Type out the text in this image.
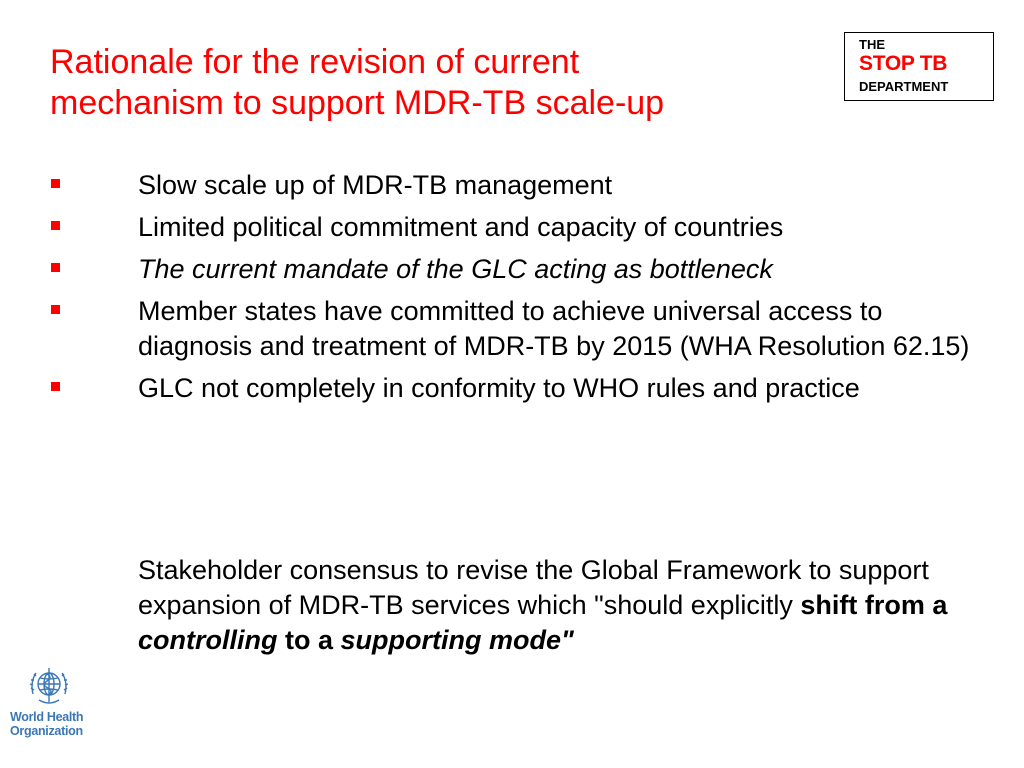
Rationale for the revision of current
mechanism to support MDR-TB scale-up
THE
STOP TB
DEPARTMENT
Slow scale up of MDR-TB management
Limited political commitment and capacity of countries
The current mandate of the GLC acting as bottleneck
Member states have committed to achieve universal access to diagnosis and treatment of MDR-TB by 2015 (WHA Resolution 62.15)
GLC not completely in conformity to WHO rules and practice

Stakeholder consensus to revise the Global Framework to support expansion of MDR-TB services which "should explicitly shift from a controlling to a supporting mode"

World Health
Organization
